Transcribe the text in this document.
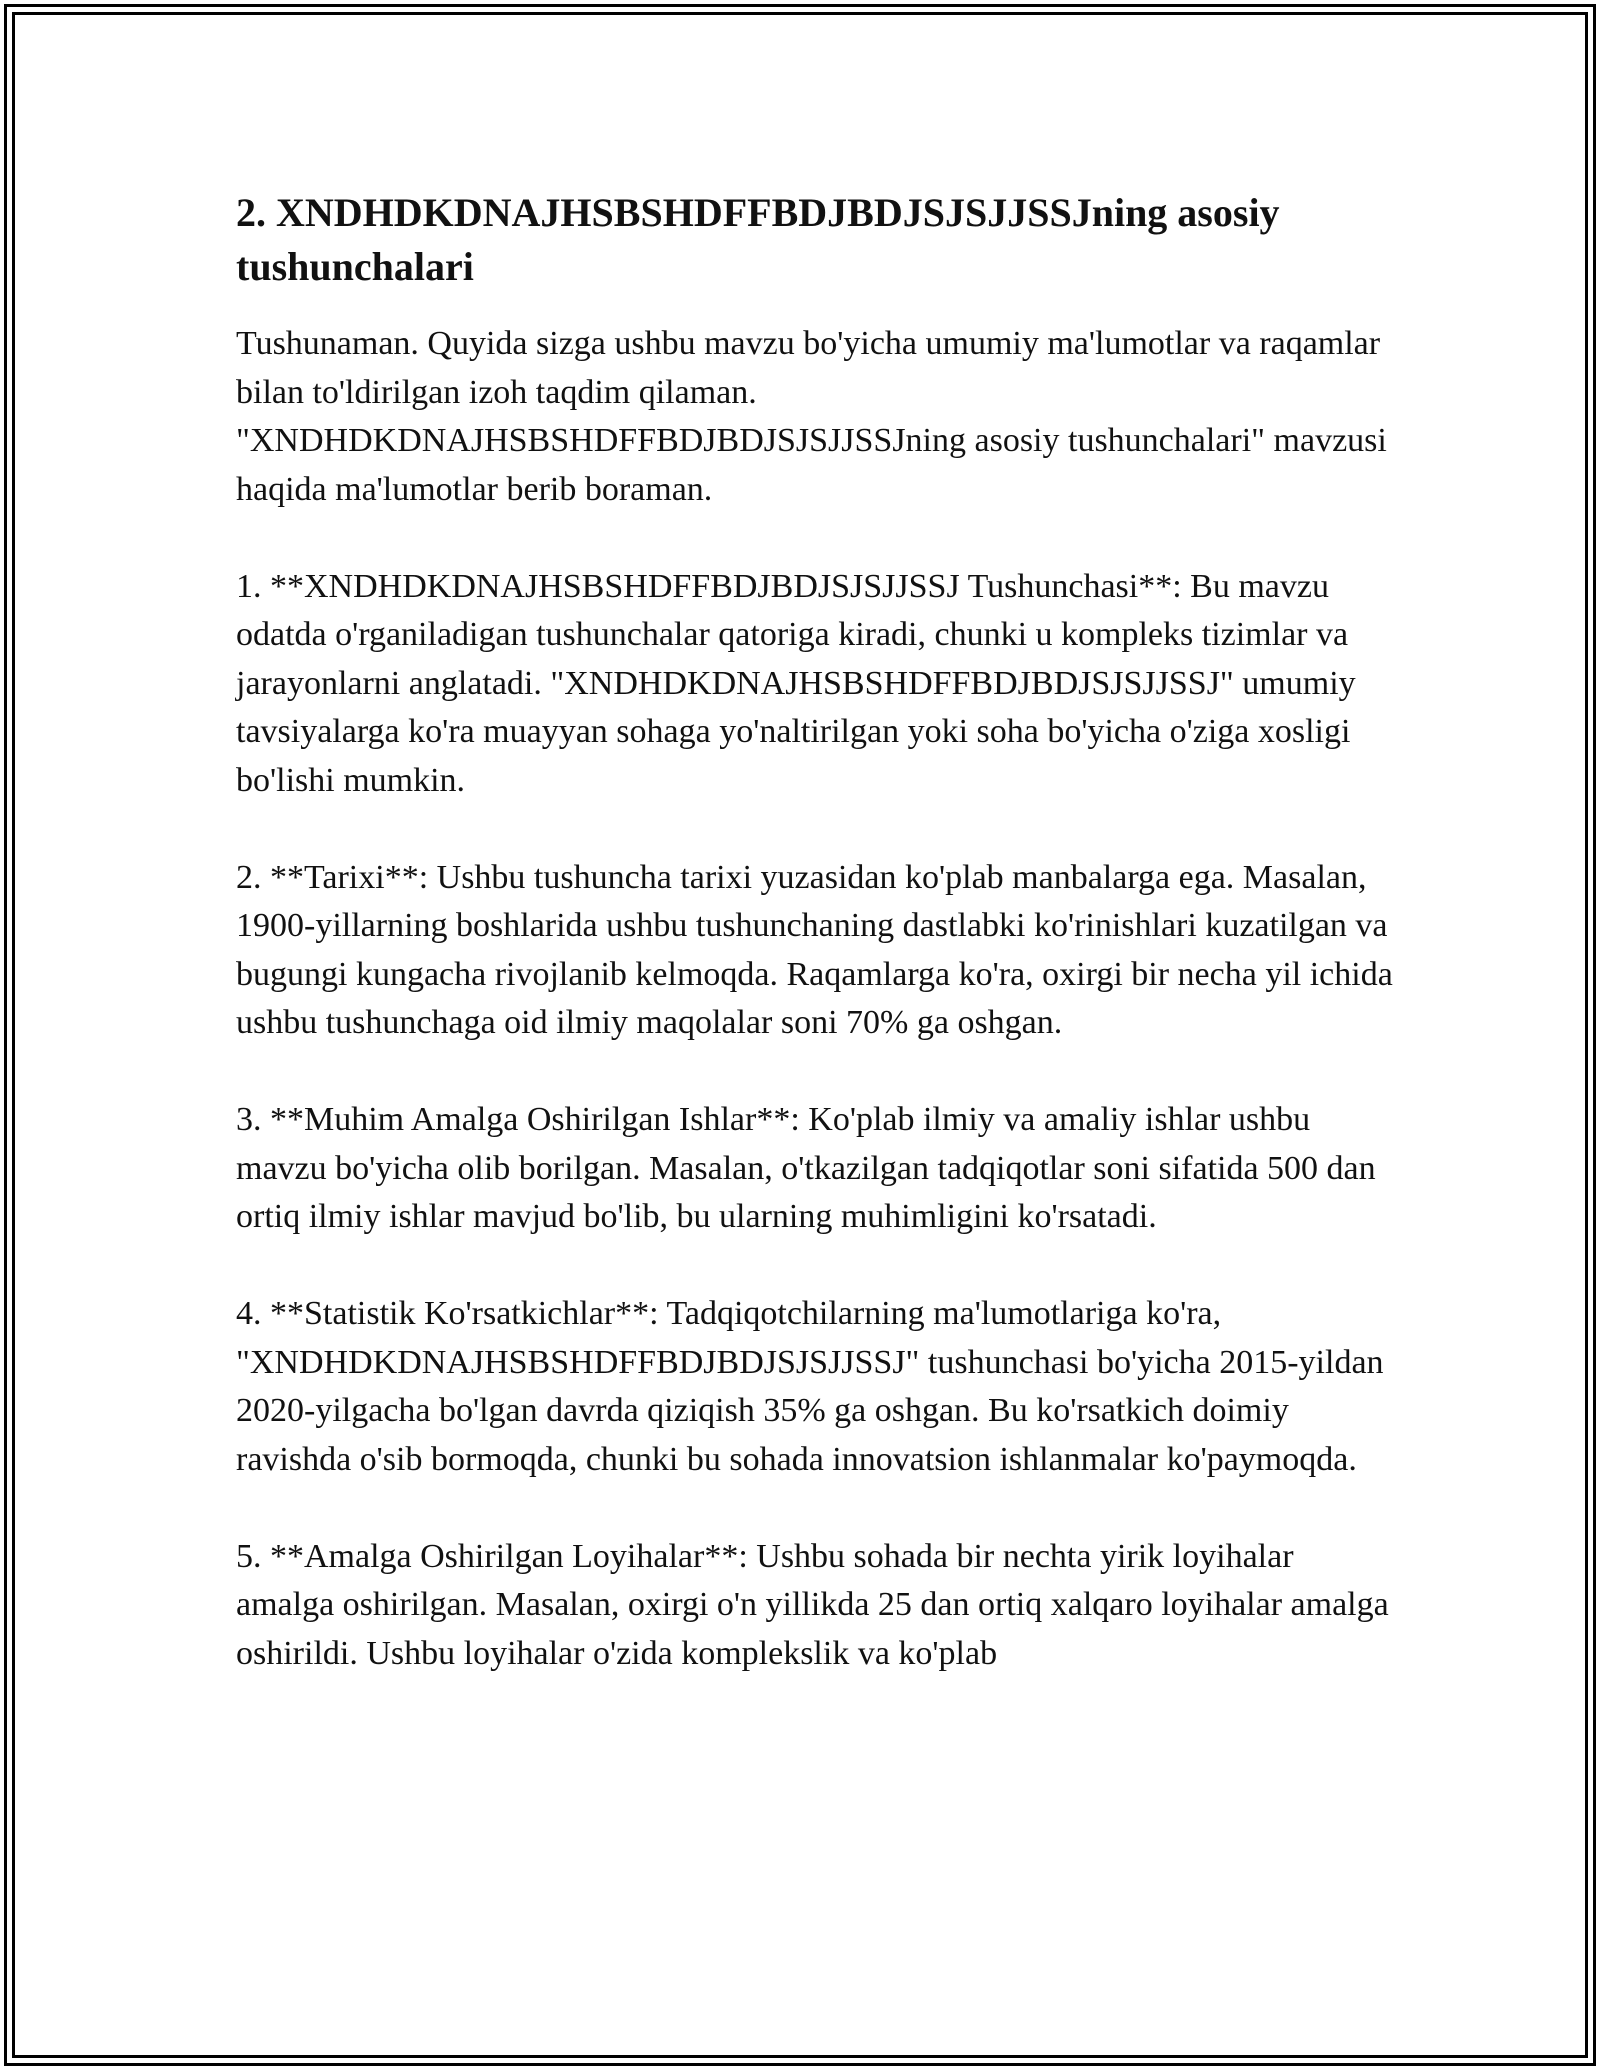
2. XNDHDKDNAJHSBSHDFFBDJBDJSJSJJSSJning asosiy tushunchalari

Tushunaman. Quyida sizga ushbu mavzu bo'yicha umumiy ma'lumotlar va raqamlar bilan to'ldirilgan izoh taqdim qilaman. "XNDHDKDNAJHSBSHDFFBDJBDJSJSJJSSJning asosiy tushunchalari" mavzusi haqida ma'lumotlar berib boraman.

1. **XNDHDKDNAJHSBSHDFFBDJBDJSJSJJSSJ Tushunchasi**: Bu mavzu odatda o'rganiladigan tushunchalar qatoriga kiradi, chunki u kompleks tizimlar va jarayonlarni anglatadi. "XNDHDKDNAJHSBSHDFFBDJBDJSJSJJSSJ" umumiy tavsiyalarga ko'ra muayyan sohaga yo'naltirilgan yoki soha bo'yicha o'ziga xosligi bo'lishi mumkin.

2. **Tarixi**: Ushbu tushuncha tarixi yuzasidan ko'plab manbalarga ega. Masalan, 1900-yillarning boshlarida ushbu tushunchaning dastlabki ko'rinishlari kuzatilgan va bugungi kungacha rivojlanib kelmoqda. Raqamlarga ko'ra, oxirgi bir necha yil ichida ushbu tushunchaga oid ilmiy maqolalar soni 70% ga oshgan.

3. **Muhim Amalga Oshirilgan Ishlar**: Ko'plab ilmiy va amaliy ishlar ushbu mavzu bo'yicha olib borilgan. Masalan, o'tkazilgan tadqiqotlar soni sifatida 500 dan ortiq ilmiy ishlar mavjud bo'lib, bu ularning muhimligini ko'rsatadi.

4. **Statistik Ko'rsatkichlar**: Tadqiqotchilarning ma'lumotlariga ko'ra, "XNDHDKDNAJHSBSHDFFBDJBDJSJSJJSSJ" tushunchasi bo'yicha 2015-yildan 2020-yilgacha bo'lgan davrda qiziqish 35% ga oshgan. Bu ko'rsatkich doimiy ravishda o'sib bormoqda, chunki bu sohada innovatsion ishlanmalar ko'paymoqda.

5. **Amalga Oshirilgan Loyihalar**: Ushbu sohada bir nechta yirik loyihalar amalga oshirilgan. Masalan, oxirgi o'n yillikda 25 dan ortiq xalqaro loyihalar amalga oshirildi. Ushbu loyihalar o'zida komplekslik va ko'plab
